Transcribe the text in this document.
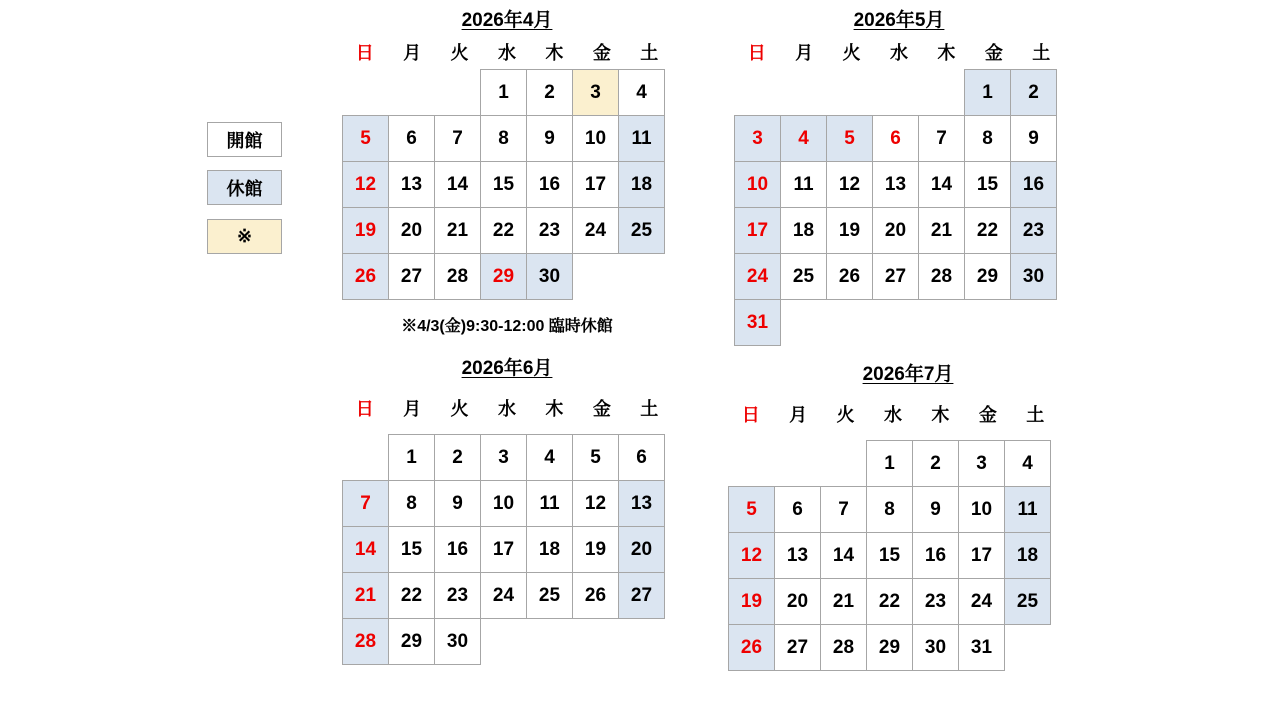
開館
休館
※
2026年4月
日	月	火	水	木	金	土
			1	2	3	4
5	6	7	8	9	10	11
12	13	14	15	16	17	18
19	20	21	22	23	24	25
26	27	28	29	30		
※4/3(金)9:30-12:00 臨時休館
2026年5月
日	月	火	水	木	金	土
					1	2
3	4	5	6	7	8	9
10	11	12	13	14	15	16
17	18	19	20	21	22	23
24	25	26	27	28	29	30
31						
2026年6月
日	月	火	水	木	金	土
	1	2	3	4	5	6
7	8	9	10	11	12	13
14	15	16	17	18	19	20
21	22	23	24	25	26	27
28	29	30				
2026年7月
日	月	火	水	木	金	土
			1	2	3	4
5	6	7	8	9	10	11
12	13	14	15	16	17	18
19	20	21	22	23	24	25
26	27	28	29	30	31	
